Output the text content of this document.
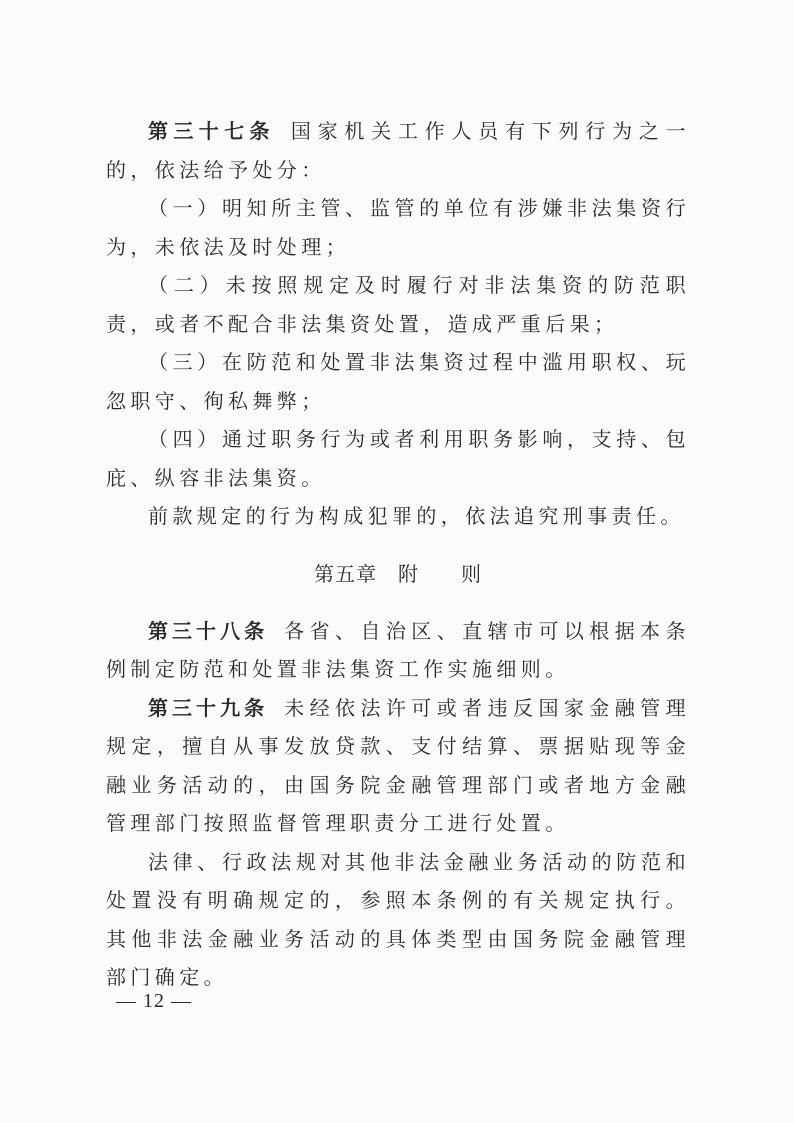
第三十七条 国家机关工作人员有下列行为之一的，依法给予处分：

（一）明知所主管、监管的单位有涉嫌非法集资行为，未依法及时处理；

（二）未按照规定及时履行对非法集资的防范职责，或者不配合非法集资处置，造成严重后果；

（三）在防范和处置非法集资过程中滥用职权、玩忽职守、徇私舞弊；

（四）通过职务行为或者利用职务影响，支持、包庇、纵容非法集资。

前款规定的行为构成犯罪的，依法追究刑事责任。

第五章　附　　则

第三十八条 各省、自治区、直辖市可以根据本条例制定防范和处置非法集资工作实施细则。

第三十九条 未经依法许可或者违反国家金融管理规定，擅自从事发放贷款、支付结算、票据贴现等金融业务活动的，由国务院金融管理部门或者地方金融管理部门按照监督管理职责分工进行处置。

法律、行政法规对其他非法金融业务活动的防范和处置没有明确规定的，参照本条例的有关规定执行。其他非法金融业务活动的具体类型由国务院金融管理部门确定。

— 12 —
